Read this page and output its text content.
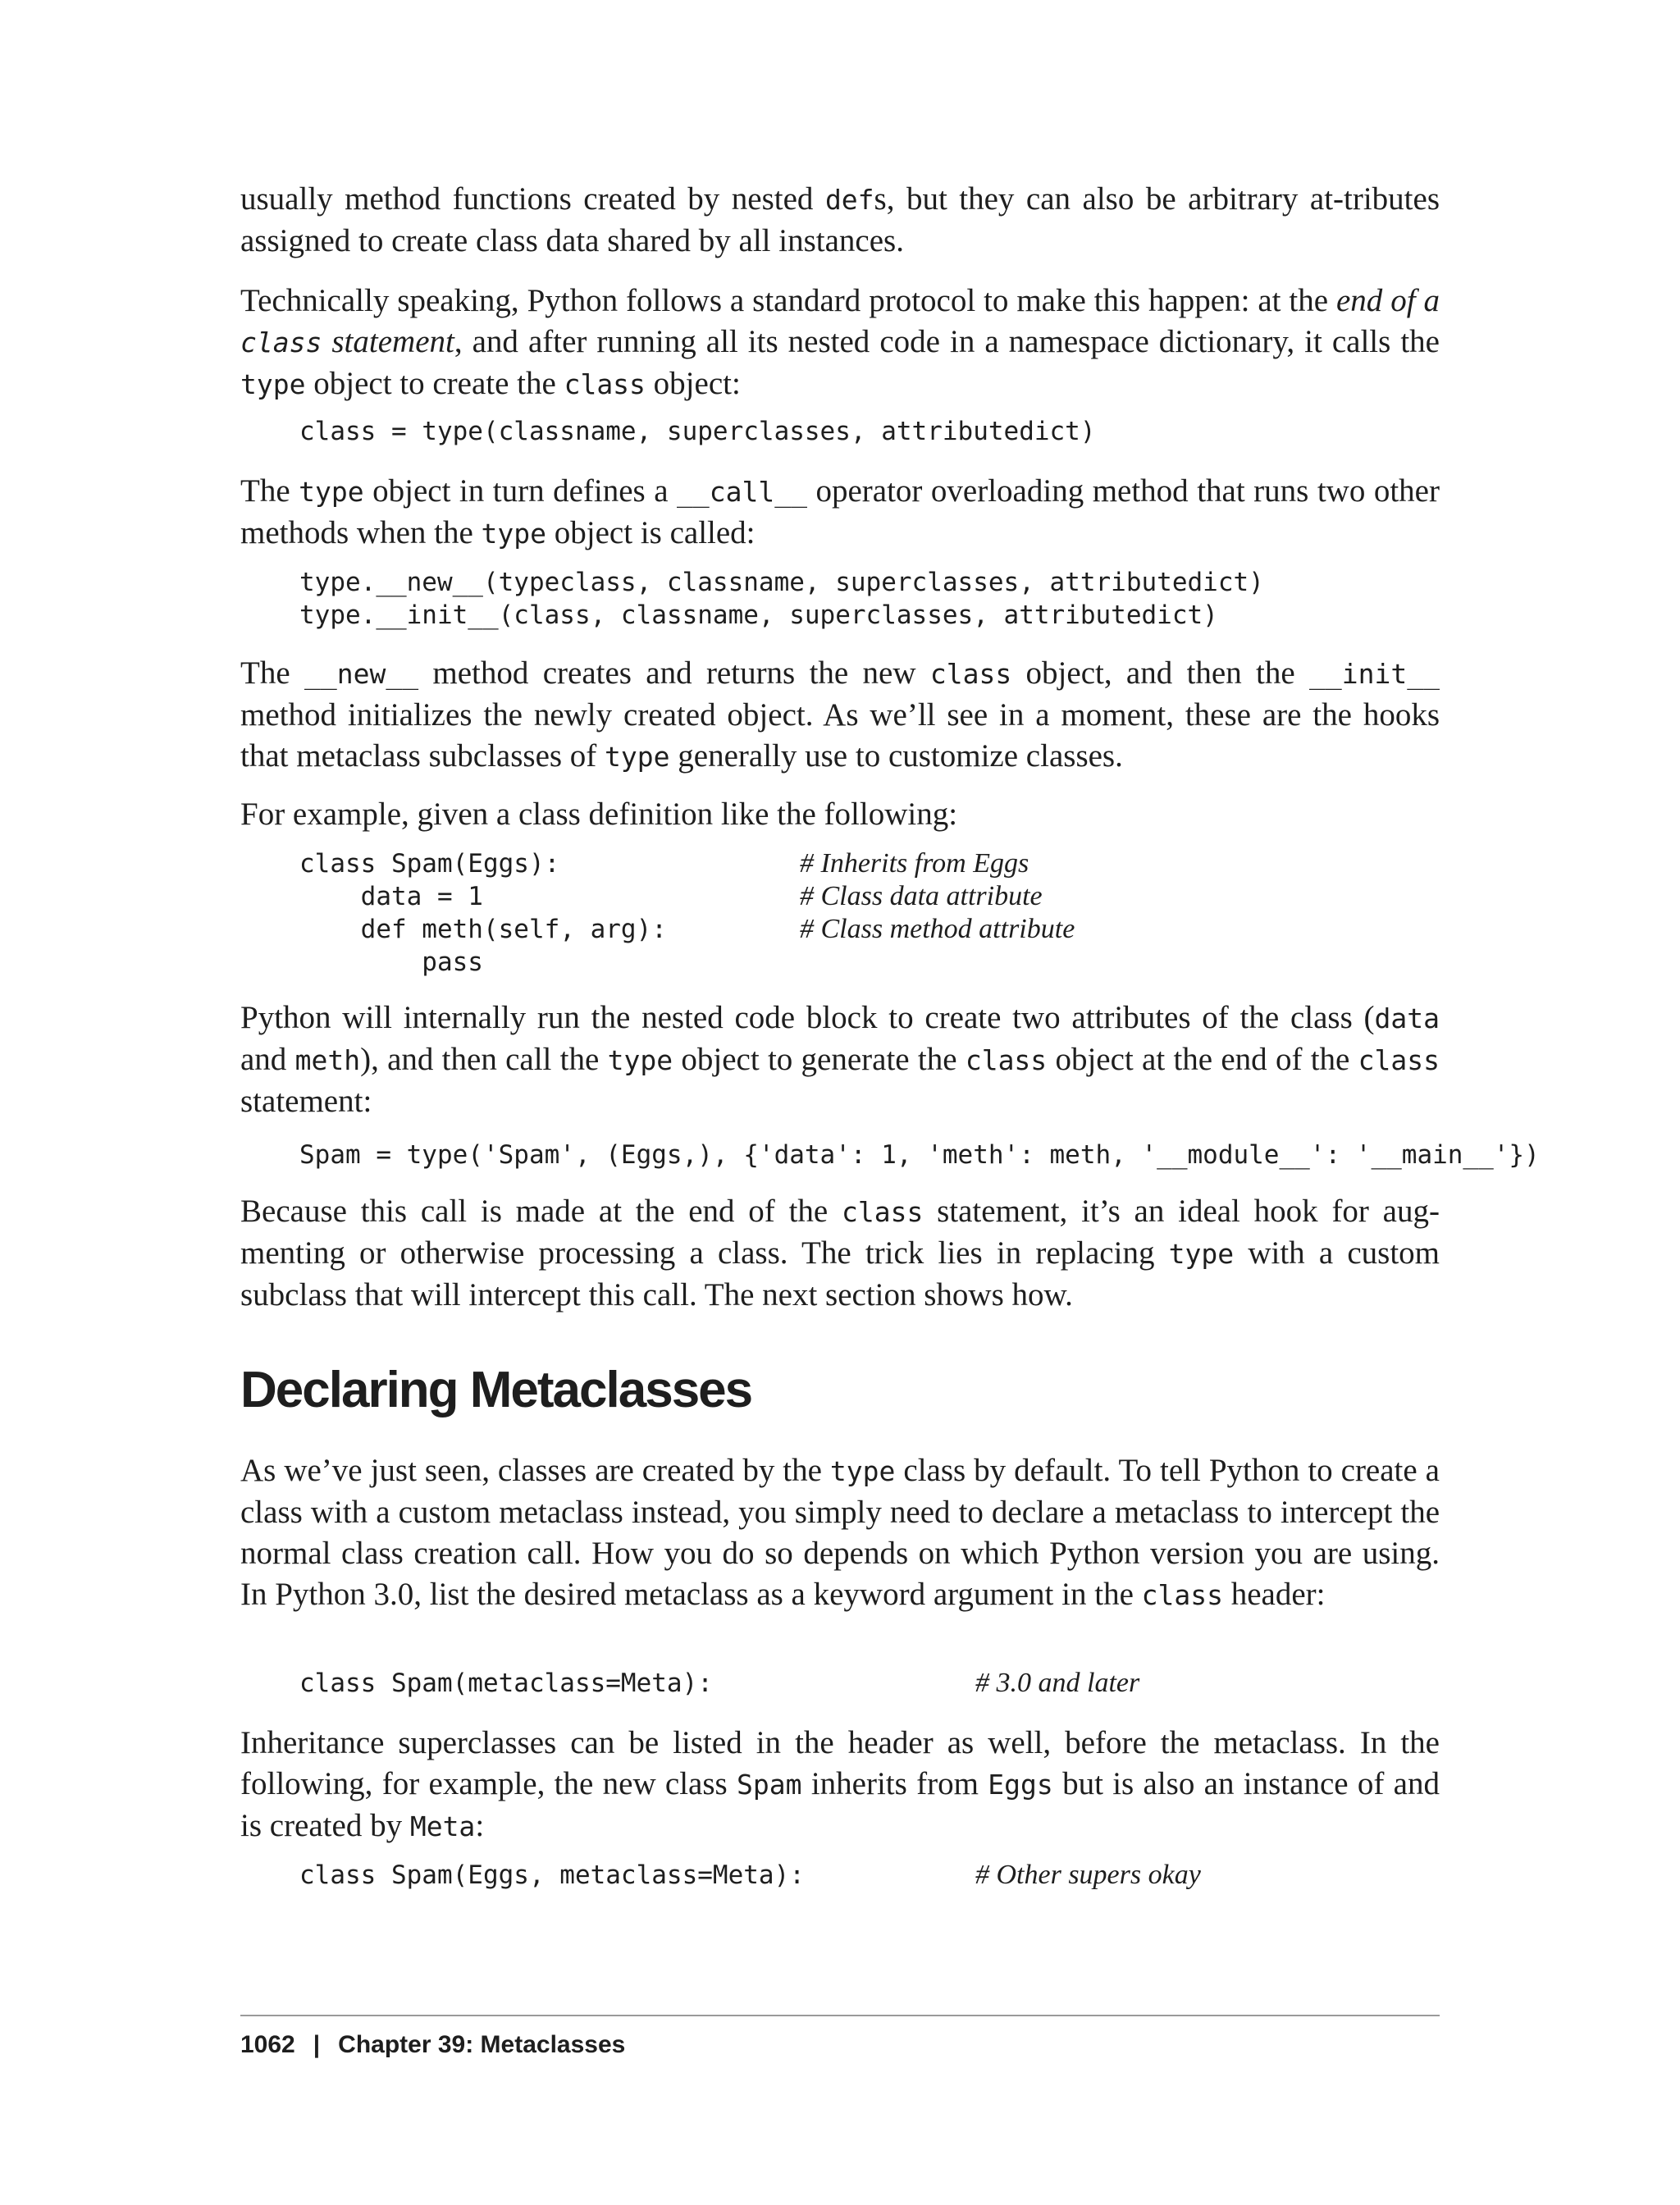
usually method functions created by nested defs, but they can also be arbitrary at-tributes assigned to create class data shared by all instances.

Technically speaking, Python follows a standard protocol to make this happen: at the end of a class statement, and after running all its nested code in a namespace dictionary, it calls the type object to create the class object:

class = type(classname, superclasses, attributedict)

The type object in turn defines a __call__ operator overloading method that runs two other methods when the type object is called:

type.__new__(typeclass, classname, superclasses, attributedict)
type.__init__(class, classname, superclasses, attributedict)

The __new__ method creates and returns the new class object, and then the __init__ method initializes the newly created object. As we’ll see in a moment, these are the hooks that metaclass subclasses of type generally use to customize classes.

For example, given a class definition like the following:

class Spam(Eggs):	# Inherits from Eggs
data = 1	# Class data attribute
def meth(self, arg):	# Class method attribute
pass

Python will internally run the nested code block to create two attributes of the class (data and meth), and then call the type object to generate the class object at the end of the class statement:

Spam = type('Spam', (Eggs,), {'data': 1, 'meth': meth, '__module__': '__main__'})

Because this call is made at the end of the class statement, it’s an ideal hook for aug-menting or otherwise processing a class. The trick lies in replacing type with a custom subclass that will intercept this call. The next section shows how.

Declaring Metaclasses

As we’ve just seen, classes are created by the type class by default. To tell Python to create a class with a custom metaclass instead, you simply need to declare a metaclass to intercept the normal class creation call. How you do so depends on which Python version you are using. In Python 3.0, list the desired metaclass as a keyword argument in the class header:

class Spam(metaclass=Meta):	# 3.0 and later

Inheritance superclasses can be listed in the header as well, before the metaclass. In the following, for example, the new class Spam inherits from Eggs but is also an instance of and is created by Meta:

class Spam(Eggs, metaclass=Meta):	# Other supers okay
1062 | Chapter 39: Metaclasses
